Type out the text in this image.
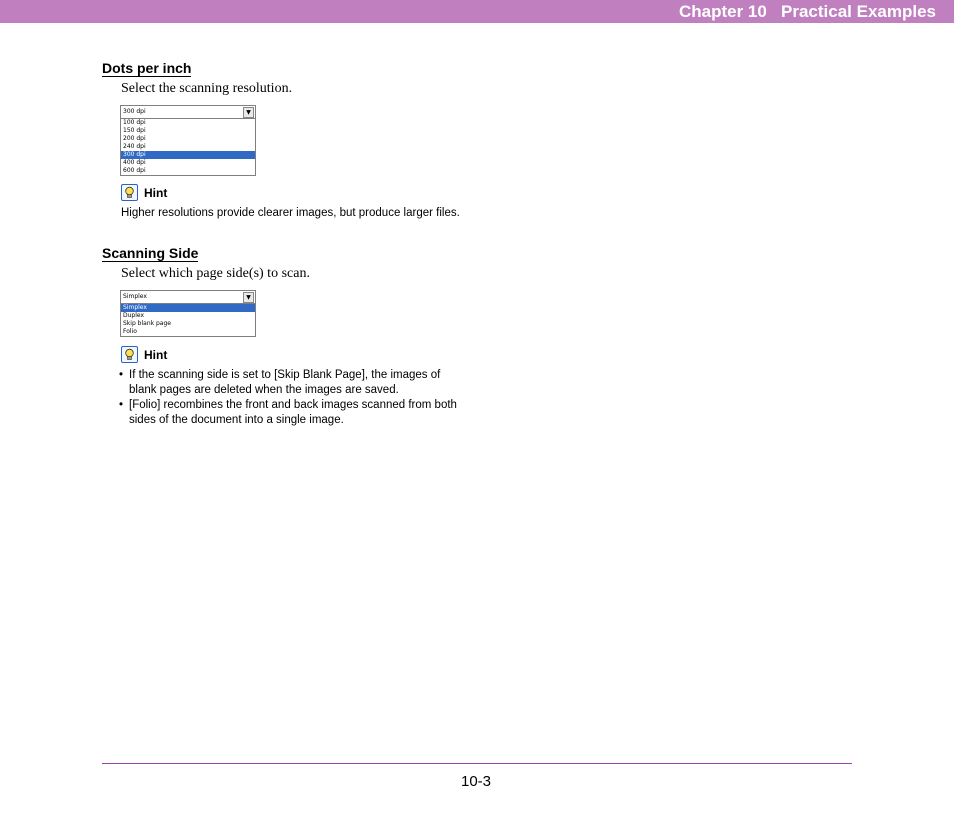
Chapter 10   Practical Examples
Dots per inch
Select the scanning resolution.
300 dpi	▼
100 dpi
150 dpi
200 dpi
240 dpi
300 dpi
400 dpi
600 dpi
Hint
Higher resolutions provide clearer images, but produce larger files.
Scanning Side
Select which page side(s) to scan.
Simplex	▼
Simplex
Duplex
Skip blank page
Folio
Hint
• If the scanning side is set to [Skip Blank Page], the images of blank pages are deleted when the images are saved.
• [Folio] recombines the front and back images scanned from both sides of the document into a single image.
10-3
